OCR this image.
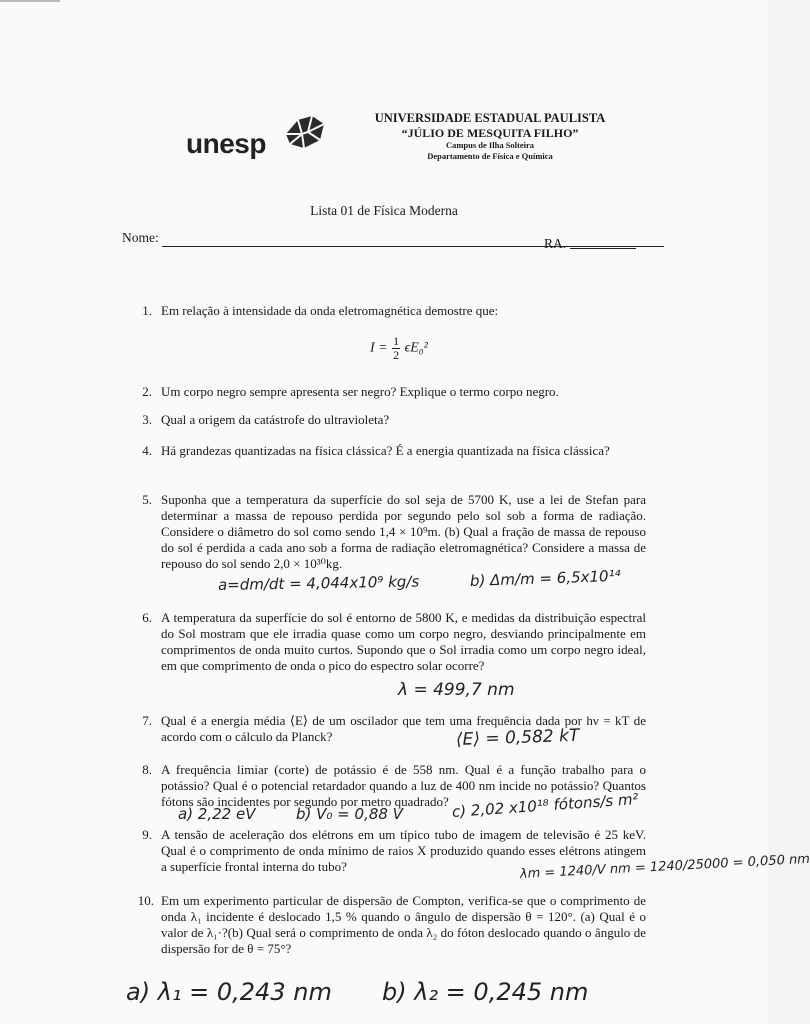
unesp
UNIVERSIDADE ESTADUAL PAULISTA
“JÚLIO DE MESQUITA FILHO”
Campus de Ilha Solteira
Departamento de Física e Química
Lista 01 de Física Moderna
Nome:	RA.
1. Em relação à intensidade da onda eletromagnética demostre que:
$I = \frac{1}{2} \epsilon E_0^2$
2. Um corpo negro sempre apresenta ser negro? Explique o termo corpo negro.
3. Qual a origem da catástrofe do ultravioleta?
4. Há grandezas quantizadas na física clássica? É a energia quantizada na física clássica?
5. Suponha que a temperatura da superfície do sol seja de 5700 K, use a lei de Stefan para determinar a massa de repouso perdida por segundo pelo sol sob a forma de radiação. Considere o diâmetro do sol como sendo 1,4 × 10⁹m. (b) Qual a fração de massa de repouso do sol é perdida a cada ano sob a forma de radiação eletromagnética? Considere a massa de repouso do sol sendo 2,0 × 10³⁰kg.
6. A temperatura da superfície do sol é entorno de 5800 K, e medidas da distribuição espectral do Sol mostram que ele irradia quase como um corpo negro, desviando principalmente em comprimentos de onda muito curtos. Supondo que o Sol irradia como um corpo negro ideal, em que comprimento de onda o pico do espectro solar ocorre?
7. Qual é a energia média ⟨E⟩ de um oscilador que tem uma frequência dada por hν = kT de acordo com o cálculo da Planck?
8. A frequência limiar (corte) de potássio é de 558 nm. Qual é a função trabalho para o potássio? Qual é o potencial retardador quando a luz de 400 nm incide no potássio? Quantos fótons são incidentes por segundo por metro quadrado?
9. A tensão de aceleração dos elétrons em um típico tubo de imagem de televisão é 25 keV. Qual é o comprimento de onda mínimo de raios X produzido quando esses elétrons atingem a superfície frontal interna do tubo?
10. Em um experimento particular de dispersão de Compton, verifica-se que o comprimento de onda λ₁ incidente é deslocado 1,5 % quando o ângulo de dispersão θ = 120°. (a) Qual é o valor de λ₁·?(b) Qual será o comprimento de onda λ₂ do fóton deslocado quando o ângulo de dispersão for de θ = 75°?
a=dm/dt = 4,044x10⁹ kg/s	b) Δm/m = 6,5x10¹⁴
λ = 499,7 nm
⟨E⟩ = 0,582 kT
a) 2,22 eV	b) V₀ = 0,88 V	c) 2,02 x10¹⁸ fótons/s m²
λm = 1240/V nm = 1240/25000 = 0,050 nm
a) λ₁ = 0,243 nm b) λ₂ = 0,245 nm
